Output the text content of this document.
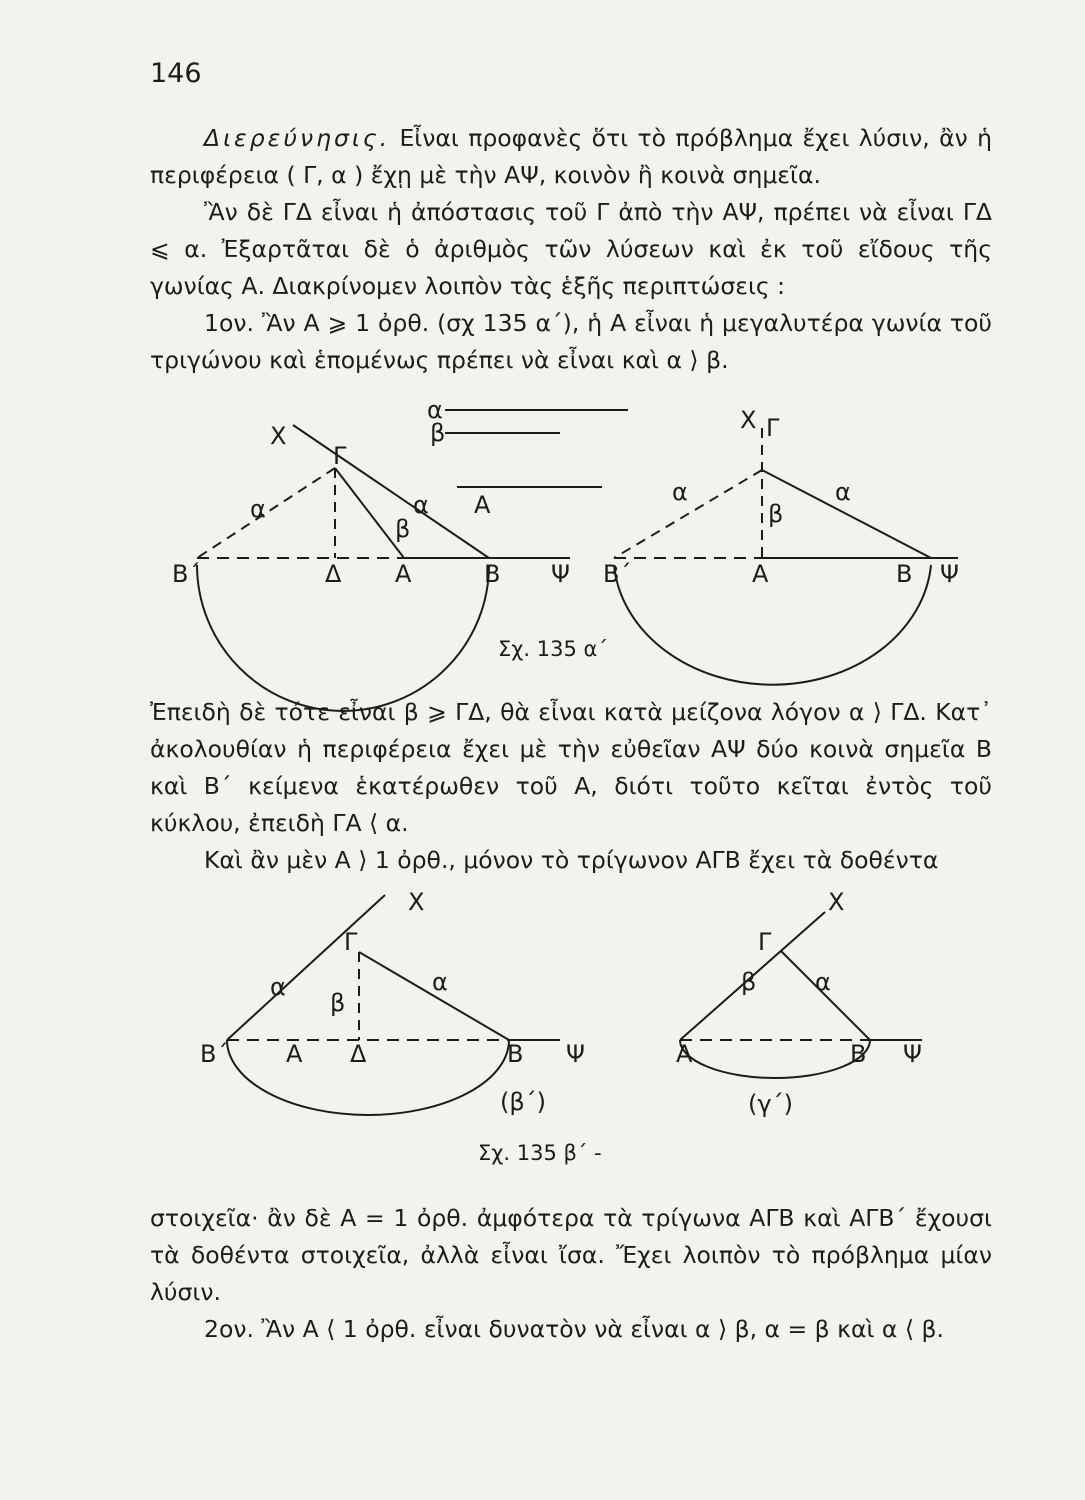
146

Διερεύνησις. Εἶναι προφανὲς ὅτι τὸ πρόβλημα ἔχει λύσιν, ἂν ἡ περιφέρεια ( Γ, α ) ἔχῃ μὲ τὴν ΑΨ, κοινὸν ἢ κοινὰ σημεῖα.

Ἂν δὲ ΓΔ εἶναι ἡ ἀπόστασις τοῦ Γ ἀπὸ τὴν ΑΨ, πρέπει νὰ εἶναι ΓΔ ⩽ α. Ἐξαρτᾶται δὲ ὁ ἀριθμὸς τῶν λύσεων καὶ ἐκ τοῦ εἴδους τῆς γωνίας Α. Διακρίνομεν λοιπὸν τὰς ἑξῆς περιπτώσεις :

1ον. Ἂν Α ⩾ 1 ὀρθ. (σχ 135 α΄), ἡ Α εἶναι ἡ μεγαλυτέρα γωνία τοῦ τριγώνου καὶ ἑπομένως πρέπει νὰ εἶναι καὶ α ⟩ β.

Χ
Γ
α	α
β
Β΄	Δ Α	Β Ψ
α
β
Α
Χ Γ
α	α
β
Β΄	Α	Β Ψ
Σχ. 135 α΄

Ἐπειδὴ δὲ τότε εἶναι β ⩾ ΓΔ, θὰ εἶναι κατὰ μείζονα λόγον α ⟩ ΓΔ. Κατ᾽ ἀκολουθίαν ἡ περιφέρεια ἔχει μὲ τὴν εὐθεῖαν ΑΨ δύο κοινὰ σημεῖα Β καὶ Β΄ κείμενα ἑκατέρωθεν τοῦ Α, διότι τοῦτο κεῖται ἐντὸς τοῦ κύκλου, ἐπειδὴ ΓΑ ⟨ α.

Καὶ ἂν μὲν Α ⟩ 1 ὀρθ., μόνον τὸ τρίγωνον ΑΓΒ ἔχει τὰ δοθέντα

Χ
Γ
α	α
β
Β΄ Α Δ	Β Ψ
(β΄)
Χ
Γ
β α
Α	Β Ψ
(γ΄)
Σχ. 135 β΄ -

στοιχεῖα· ἂν δὲ Α = 1 ὀρθ. ἀμφότερα τὰ τρίγωνα ΑΓΒ καὶ ΑΓΒ΄ ἔχουσι τὰ δοθέντα στοιχεῖα, ἀλλὰ εἶναι ἴσα. Ἔχει λοιπὸν τὸ πρόβλημα μίαν λύσιν.

2ον. Ἂν Α ⟨ 1 ὀρθ. εἶναι δυνατὸν νὰ εἶναι α ⟩ β, α = β καὶ α ⟨ β.
